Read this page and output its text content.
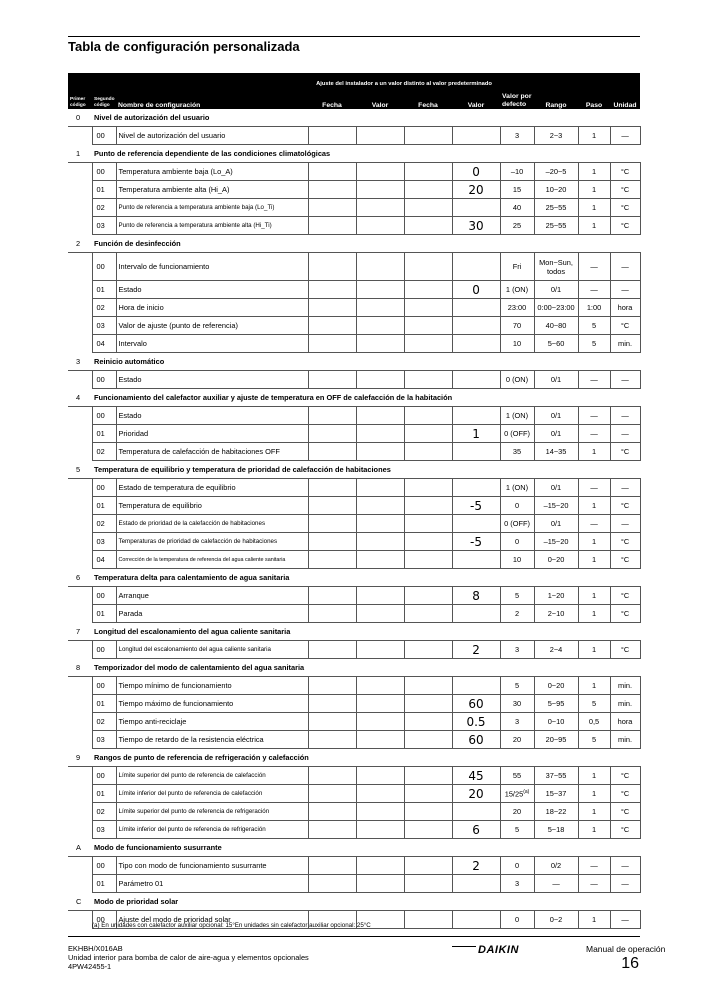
Tabla de configuración personalizada
			Ajuste del instalador a un valor distinto al valor predeterminado				Valor por defecto			
Primer código	Segundo código	Nombre de configuración	Fecha	Valor	Fecha	Valor		Rango	Paso	Unidad
0	Nivel de autorización del usuario									
	00	Nivel de autorización del usuario					3	2~3	1	—
1	Punto de referencia dependiente de las condiciones climatológicas									
	00	Temperatura ambiente baja (Lo_A)				0	–10	–20~5	1	°C
	01	Temperatura ambiente alta (Hi_A)				20	15	10~20	1	°C
	02	Punto de referencia a temperatura ambiente baja (Lo_Ti)					40	25~55	1	°C
	03	Punto de referencia a temperatura ambiente alta (Hi_Ti)				30	25	25~55	1	°C
2	Función de desinfección									
	00	Intervalo de funcionamiento					Fri	Mon~Sun, todos	—	—
	01	Estado				0	1 (ON)	0/1	—	—
	02	Hora de inicio					23:00	0:00~23:00	1:00	hora
	03	Valor de ajuste (punto de referencia)					70	40~80	5	°C
	04	Intervalo					10	5~60	5	min.
3	Reinicio automático									
	00	Estado					0 (ON)	0/1	—	—
4	Funcionamiento del calefactor auxiliar y ajuste de temperatura en OFF de calefacción de la habitación									
	00	Estado					1 (ON)	0/1	—	—
	01	Prioridad				1	0 (OFF)	0/1	—	—
	02	Temperatura de calefacción de habitaciones OFF					35	14~35	1	°C
5	Temperatura de equilibrio y temperatura de prioridad de calefacción de habitaciones									
	00	Estado de temperatura de equilibrio					1 (ON)	0/1	—	—
	01	Temperatura de equilibrio				-5	0	–15~20	1	°C
	02	Estado de prioridad de la calefacción de habitaciones					0 (OFF)	0/1	—	—
	03	Temperaturas de prioridad de calefacción de habitaciones				-5	0	–15~20	1	°C
	04	Corrección de la temperatura de referencia del agua caliente sanitaria					10	0~20	1	°C
6	Temperatura delta para calentamiento de agua sanitaria									
	00	Arranque				8	5	1~20	1	°C
	01	Parada					2	2~10	1	°C
7	Longitud del escalonamiento del agua caliente sanitaria									
	00	Longitud del escalonamiento del agua caliente sanitaria				2	3	2~4	1	°C
8	Temporizador del modo de calentamiento del agua sanitaria									
	00	Tiempo mínimo de funcionamiento					5	0~20	1	min.
	01	Tiempo máximo de funcionamiento				60	30	5~95	5	min.
	02	Tiempo anti-reciclaje				0.5	3	0~10	0,5	hora
	03	Tiempo de retardo de la resistencia eléctrica				60	20	20~95	5	min.
9	Rangos de punto de referencia de refrigeración y calefacción									
	00	Límite superior del punto de referencia de calefacción				45	55	37~55	1	°C
	01	Límite inferior del punto de referencia de calefacción				20	15/25$^{(a)}$	15~37	1	°C
	02	Límite superior del punto de referencia de refrigeración					20	18~22	1	°C
	03	Límite inferior del punto de referencia de refrigeración				6	5	5~18	1	°C
A	Modo de funcionamiento susurrante									
	00	Tipo con modo de funcionamiento susurrante				2	0	0/2	—	—
	01	Parámetro 01					3	—	—	—
C	Modo de prioridad solar									
	00	Ajuste del modo de prioridad solar					0	0~2	1	—
(a) En unidades con calefactor auxiliar opcional: 15°En unidades sin calefactor auxiliar opcional: 25°C
EKHBH/X016AB
Unidad interior para bomba de calor de aire-agua y elementos opcionales
4PW42455-1
DAIKIN	Manual de operación
16
